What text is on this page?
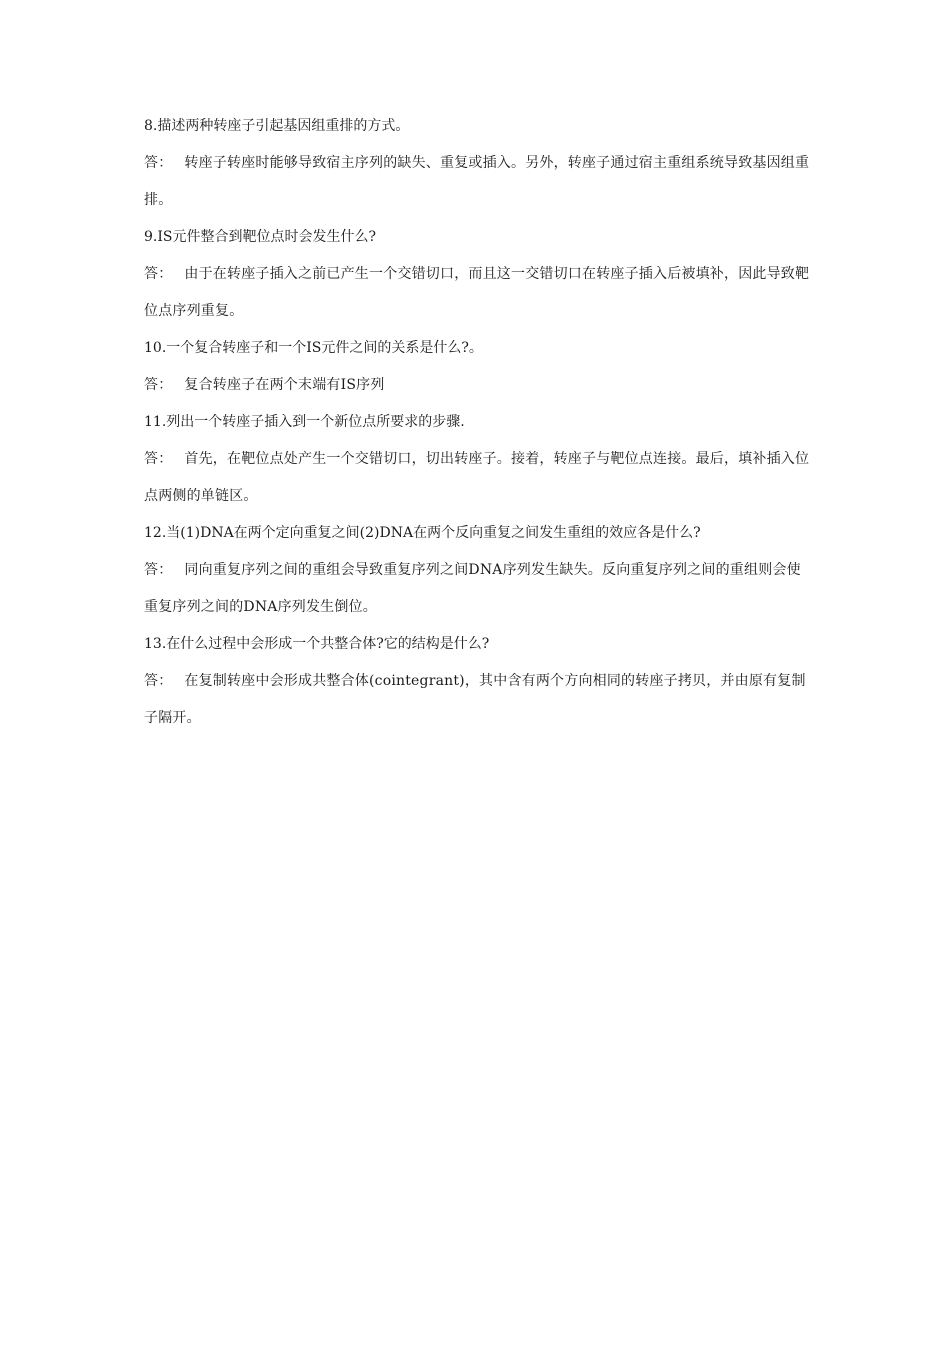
8.描述两种转座子引起基因组重排的方式。

答： 转座子转座时能够导致宿主序列的缺失、重复或插入。另外，转座子通过宿主重组系统导致基因组重排。

9.IS元件整合到靶位点时会发生什么?

答： 由于在转座子插入之前已产生一个交错切口，而且这一交错切口在转座子插入后被填补，因此导致靶位点序列重复。

10.一个复合转座子和一个IS元件之间的关系是什么?。

答： 复合转座子在两个末端有IS序列

11.列出一个转座子插入到一个新位点所要求的步骤.

答： 首先，在靶位点处产生一个交错切口，切出转座子。接着，转座子与靶位点连接。最后，填补插入位点两侧的单链区。

12.当(1)DNA在两个定向重复之间(2)DNA在两个反向重复之间发生重组的效应各是什么?

答： 同向重复序列之间的重组会导致重复序列之间DNA序列发生缺失。反向重复序列之间的重组则会使重复序列之间的DNA序列发生倒位。

13.在什么过程中会形成一个共整合体?它的结构是什么?

答： 在复制转座中会形成共整合体(cointegrant)，其中含有两个方向相同的转座子拷贝，并由原有复制子隔开。
